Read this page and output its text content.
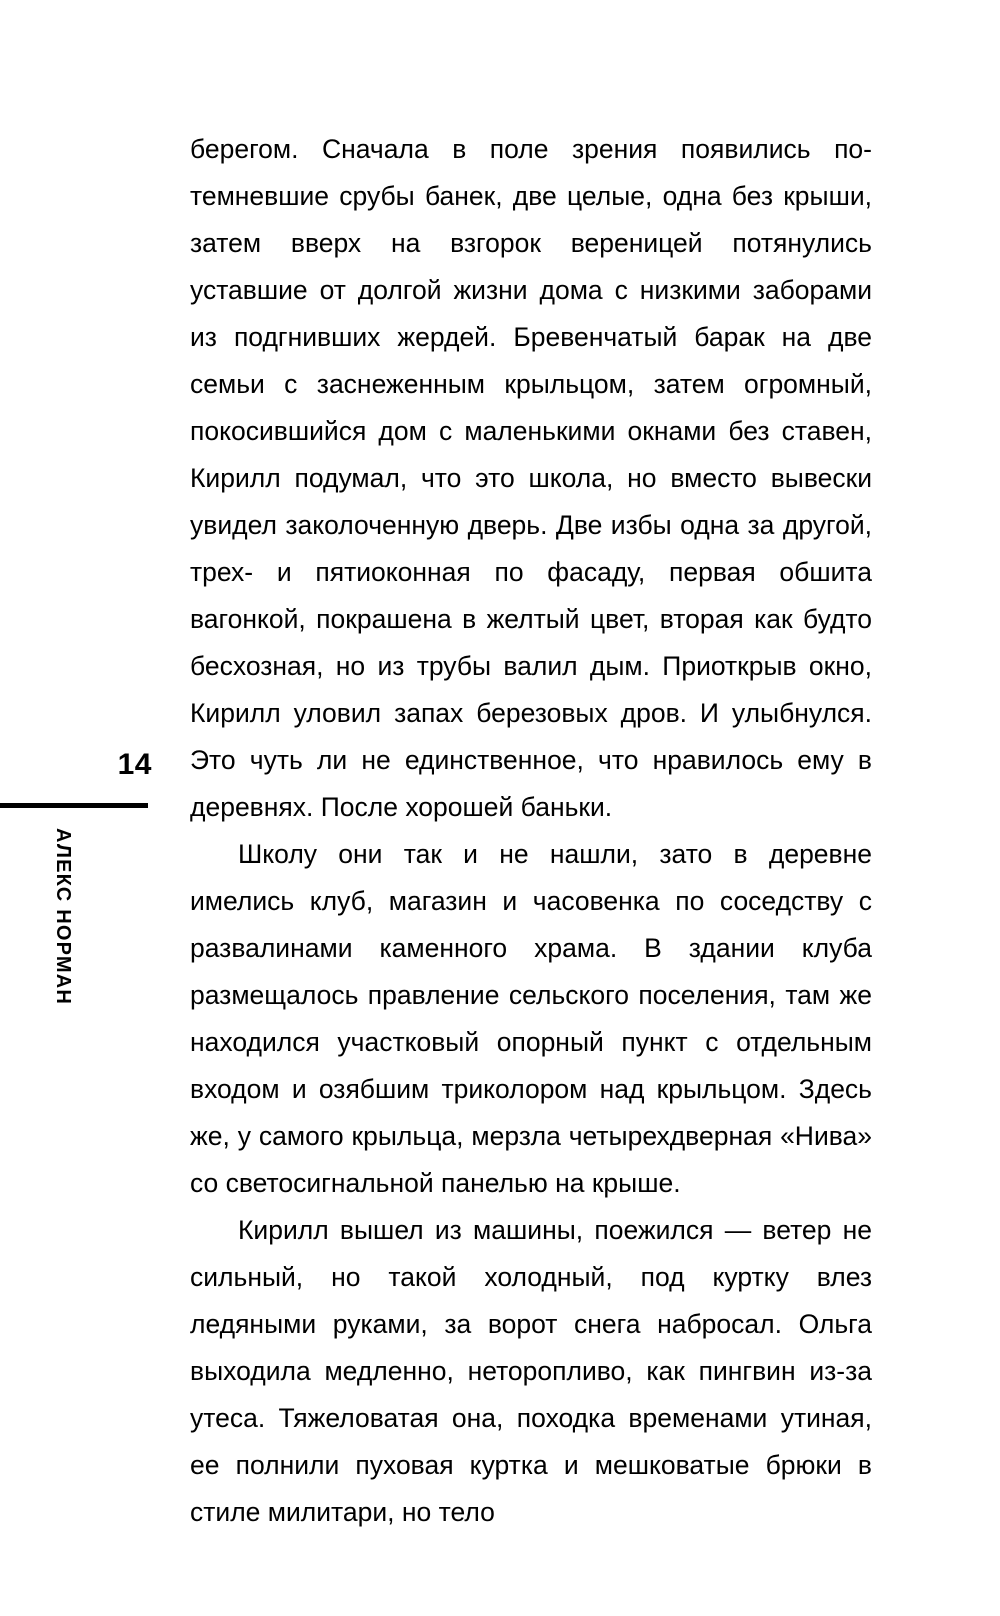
14
АЛЕКС НОРМАН

берегом. Сначала в поле зрения появились потемневшие срубы банек, две целые, одна без крыши, затем вверх на взгорок вереницей потянулись уставшие от долгой жизни дома с низкими заборами из подгнивших жердей. Бревенчатый барак на две семьи с заснеженным крыльцом, затем огромный, покосившийся дом с маленькими окнами без ставен, Кирилл подумал, что это школа, но вместо вывески увидел заколоченную дверь. Две избы одна за другой, трех- и пятиоконная по фасаду, первая обшита вагонкой, покрашена в желтый цвет, вторая как будто бесхозная, но из трубы валил дым. Приоткрыв окно, Кирилл уловил запах березовых дров. И улыбнулся. Это чуть ли не единственное, что нравилось ему в деревнях. После хорошей баньки.

Школу они так и не нашли, зато в деревне имелись клуб, магазин и часовенка по соседству с развалинами каменного храма. В здании клуба размещалось правление сельского поселения, там же находился участковый опорный пункт с отдельным входом и озябшим триколором над крыльцом. Здесь же, у самого крыльца, мерзла четырехдверная «Нива» со светосигнальной панелью на крыше.

Кирилл вышел из машины, поежился — ветер не сильный, но такой холодный, под куртку влез ледяными руками, за ворот снега набросал. Ольга выходила медленно, неторопливо, как пингвин из-за утеса. Тяжеловатая она, походка временами утиная, ее полнили пуховая куртка и мешковатые брюки в стиле милитари, но тело
